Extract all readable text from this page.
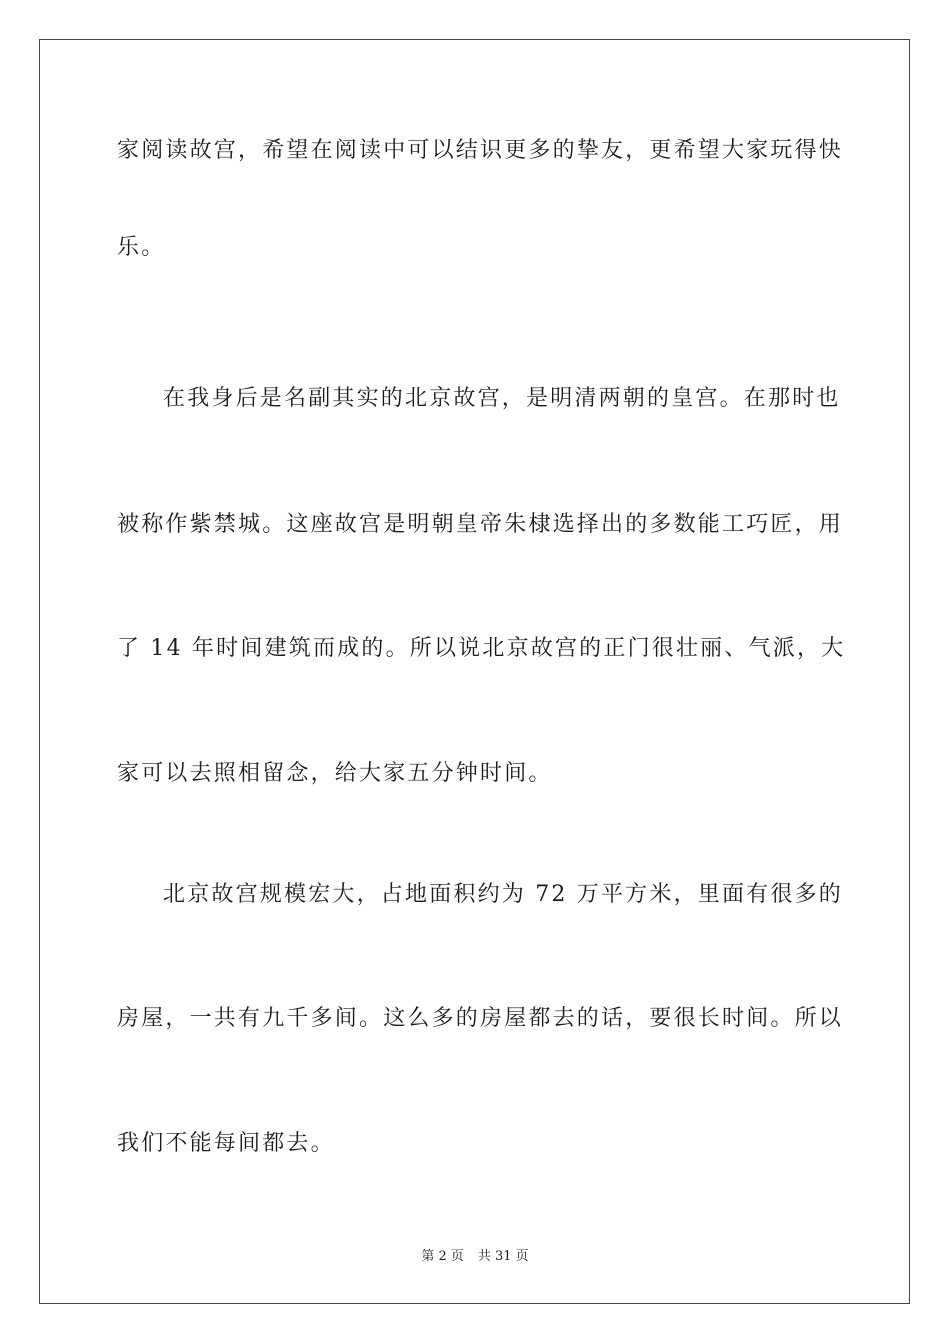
家阅读故宫，希望在阅读中可以结识更多的挚友，更希望大家玩得快
乐。
在我身后是名副其实的北京故宫，是明清两朝的皇宫。在那时也
被称作紫禁城。这座故宫是明朝皇帝朱棣选择出的多数能工巧匠，用
了 14 年时间建筑而成的。所以说北京故宫的正门很壮丽、气派，大
家可以去照相留念，给大家五分钟时间。
北京故宫规模宏大，占地面积约为 72 万平方米，里面有很多的
房屋，一共有九千多间。这么多的房屋都去的话，要很长时间。所以
我们不能每间都去。
第 2 页 共 31 页
